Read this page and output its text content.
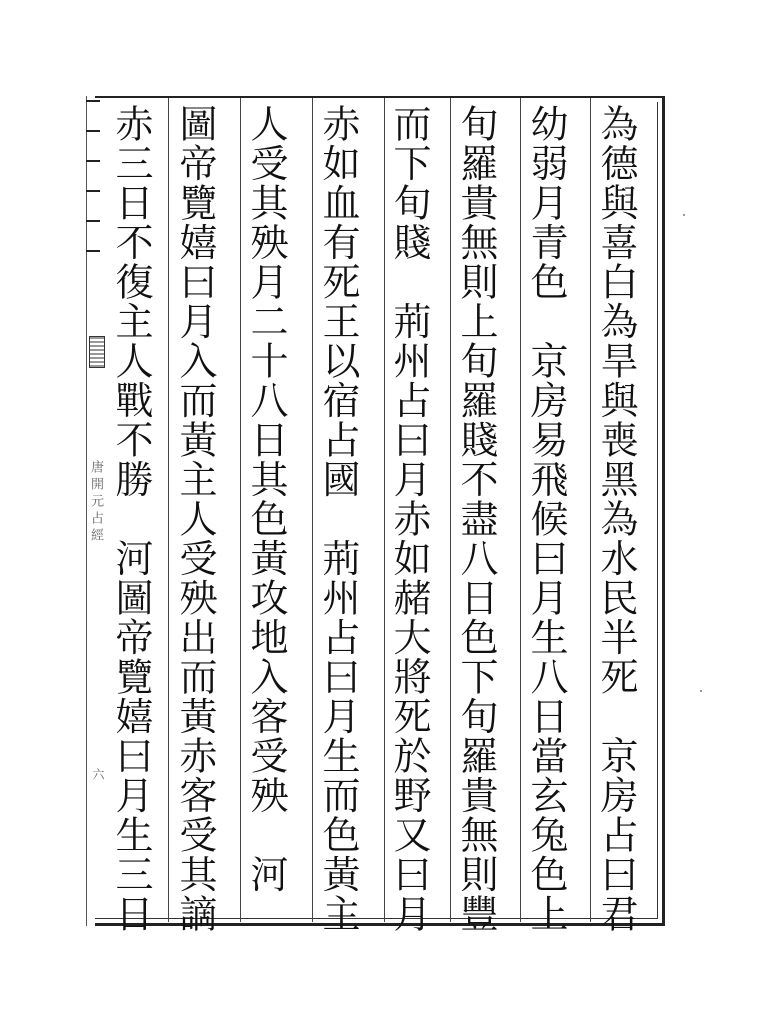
唐開元占經
六	為德與喜白為旱與喪黑為水民半死　京房占曰君
幼弱月青色　京房易飛候曰月生八日當玄兔色上
旬羅貴無則上旬羅賤不盡八日色下旬羅貴無則豐
而下旬賤　荊州占曰月赤如赭大將死於野又曰月
赤如血有死王以宿占國　荊州占曰月生而色黃主
人受其殃月二十八日其色黃攻地入客受殃　河
圖帝覽嬉曰月入而黃主人受殃出而黃赤客受其謫
赤三日不復主人戰不勝　河圖帝覽嬉曰月生三日
